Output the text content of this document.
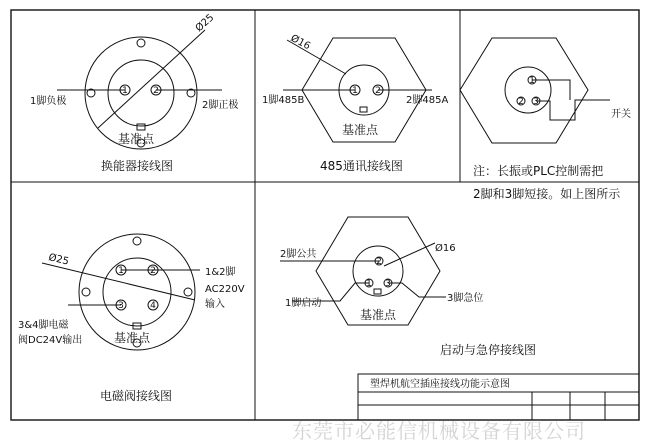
1	2
Ø25
1脚负极	2脚正极
基准点
换能器接线图
1 2
Ø16
1脚485B	2脚485A
基准点
485通讯接线图
1
2 3
开关
注：长振或PLC控制需把
2脚和3脚短接。如上图所示
1	2
3	4
Ø25
1&2脚
AC220V
输入
3&4脚电磁
阀DC24V输出	基准点
电磁阀接线图
2
1 3
Ø16
2脚公共
1脚启动	3脚急位
基准点
启动与急停接线图
塑焊机航空插座接线功能示意图
东莞市必能信机械设备有限公司
